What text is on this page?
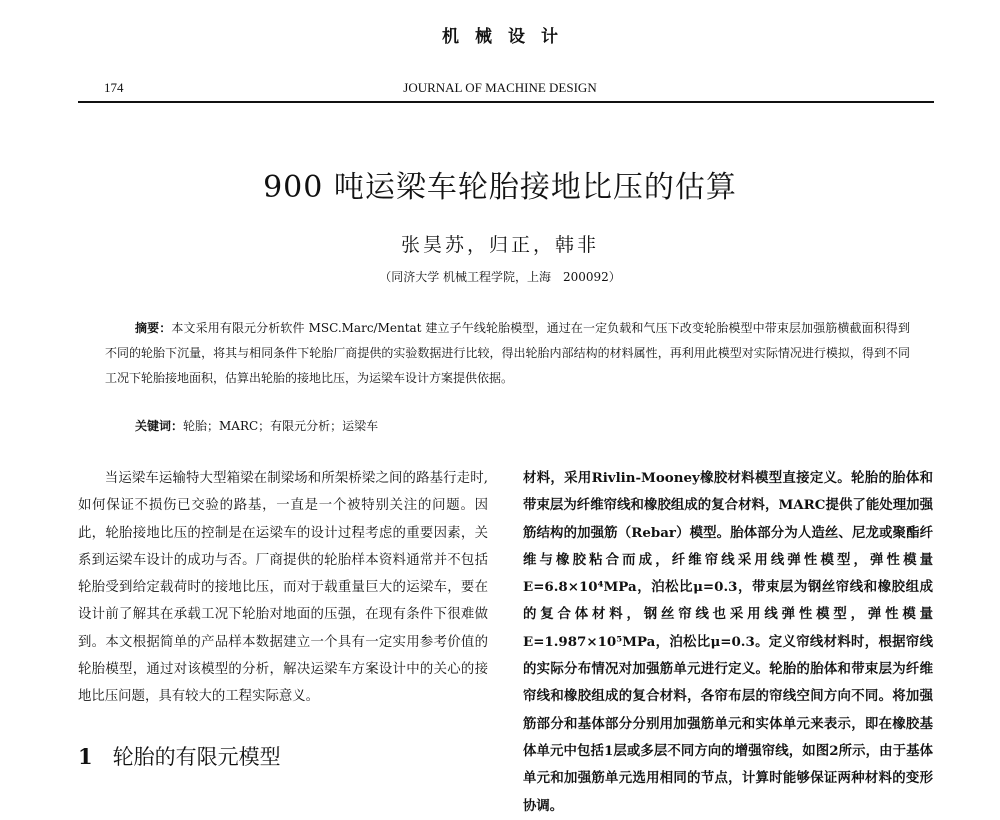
机械设计
174	JOURNAL OF MACHINE DESIGN
900 吨运梁车轮胎接地比压的估算
张昊苏，归正，韩非
（同济大学 机械工程学院，上海　200092）
摘要：本文采用有限元分析软件 MSC.Marc/Mentat 建立子午线轮胎模型，通过在一定负载和气压下改变轮胎模型中带束层加强筋横截面积得到不同的轮胎下沉量，将其与相同条件下轮胎厂商提供的实验数据进行比较，得出轮胎内部结构的材料属性，再利用此模型对实际情况进行模拟，得到不同工况下轮胎接地面积，估算出轮胎的接地比压，为运梁车设计方案提供依据。
关键词：轮胎；MARC；有限元分析；运梁车

当运梁车运输特大型箱梁在制梁场和所架桥梁之间的路基行走时,如何保证不损伤已交验的路基，一直是一个被特别关注的问题。因此，轮胎接地比压的控制是在运梁车的设计过程考虑的重要因素，关系到运梁车设计的成功与否。厂商提供的轮胎样本资料通常并不包括轮胎受到给定载荷时的接地比压，而对于载重量巨大的运梁车，要在设计前了解其在承载工况下轮胎对地面的压强，在现有条件下很难做到。本文根据简单的产品样本数据建立一个具有一定实用参考价值的轮胎模型，通过对该模型的分析，解决运梁车方案设计中的关心的接地比压问题，具有较大的工程实际意义。

材料，采用Rivlin-Mooney橡胶材料模型直接定义。轮胎的胎体和带束层为纤维帘线和橡胶组成的复合材料，MARC提供了能处理加强筋结构的加强筋（Rebar）模型。胎体部分为人造丝、尼龙或聚酯纤维与橡胶粘合而成，纤维帘线采用线弹性模型，弹性模量E=6.8×10⁴MPa，泊松比μ=0.3，带束层为钢丝帘线和橡胶组成的复合体材料，钢丝帘线也采用线弹性模型，弹性模量E=1.987×10⁵MPa，泊松比μ=0.3。定义帘线材料时，根据帘线的实际分布情况对加强筋单元进行定义。轮胎的胎体和带束层为纤维帘线和橡胶组成的复合材料，各帘布层的帘线空间方向不同。将加强筋部分和基体部分分别用加强筋单元和实体单元来表示，即在橡胶基体单元中包括1层或多层不同方向的增强帘线，如图2所示，由于基体单元和加强筋单元选用相同的节点，计算时能够保证两种材料的变形协调。

1 轮胎的有限元模型
